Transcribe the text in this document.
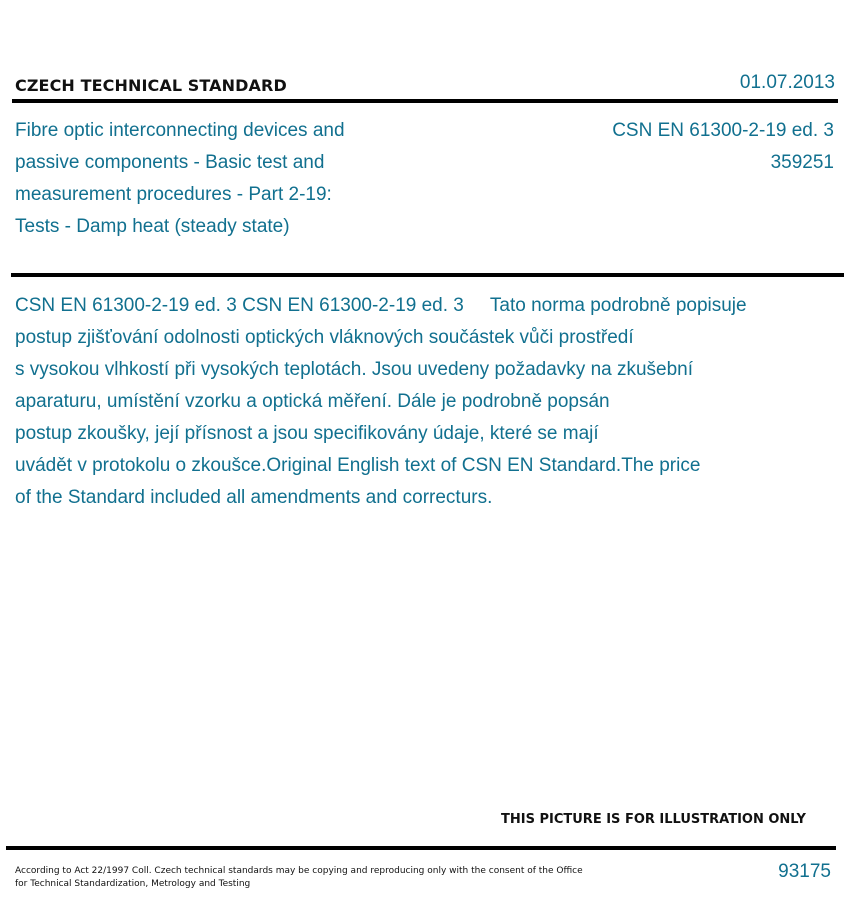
CZECH TECHNICAL STANDARD	01.07.2013
Fibre optic interconnecting devices and
passive components - Basic test and
measurement procedures - Part 2-19:
Tests - Damp heat (steady state)
CSN EN 61300-2-19 ed. 3
359251
CSN EN 61300-2-19 ed. 3 CSN EN 61300-2-19 ed. 3     Tato norma podrobně popisuje
postup zjišťování odolnosti optických vláknových součástek vůči prostředí
s vysokou vlhkostí při vysokých teplotách. Jsou uvedeny požadavky na zkušební
aparaturu, umístění vzorku a optická měření. Dále je podrobně popsán
postup zkoušky, její přísnost a jsou specifikovány údaje, které se mají
uvádět v protokolu o zkoušce.Original English text of CSN EN Standard.The price
of the Standard included all amendments and correcturs.
THIS PICTURE IS FOR ILLUSTRATION ONLY
According to Act 22/1997 Coll. Czech technical standards may be copying and reproducing only with the consent of the Office
for Technical Standardization, Metrology and Testing
93175
